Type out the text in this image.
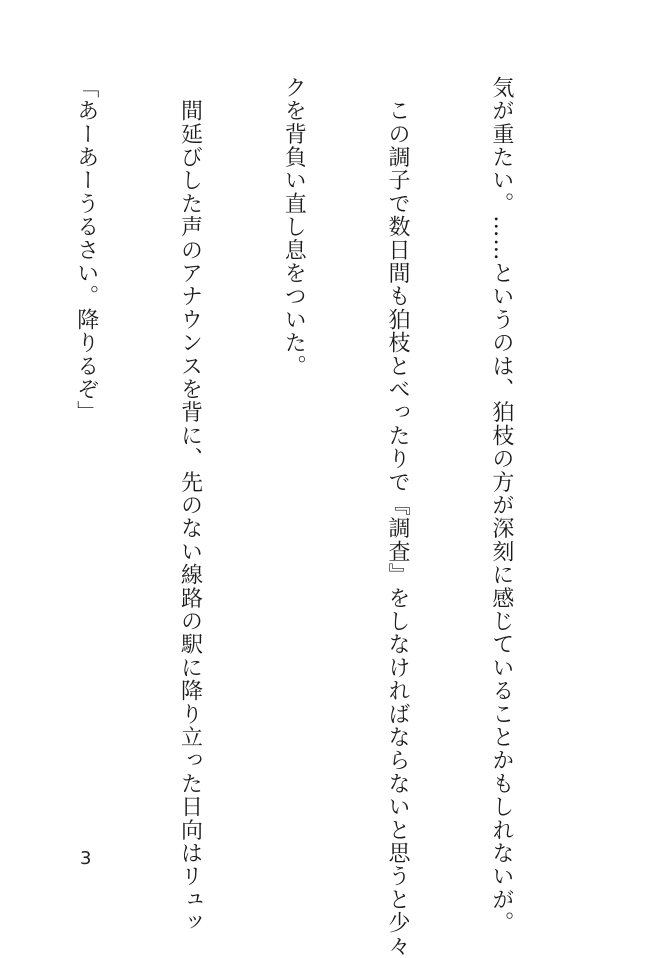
気が重たい。……というのは、狛枝の方が深刻に感じていることかもしれないが。

　この調子で数日間も狛枝とべったりで『調査』をしなければならないと思うと少々

クを背負い直し息をついた。

　間延びした声のアナウンスを背に、先のない線路の駅に降り立った日向はリュッ

「あーあーうるさい。降りるぞ」

3
